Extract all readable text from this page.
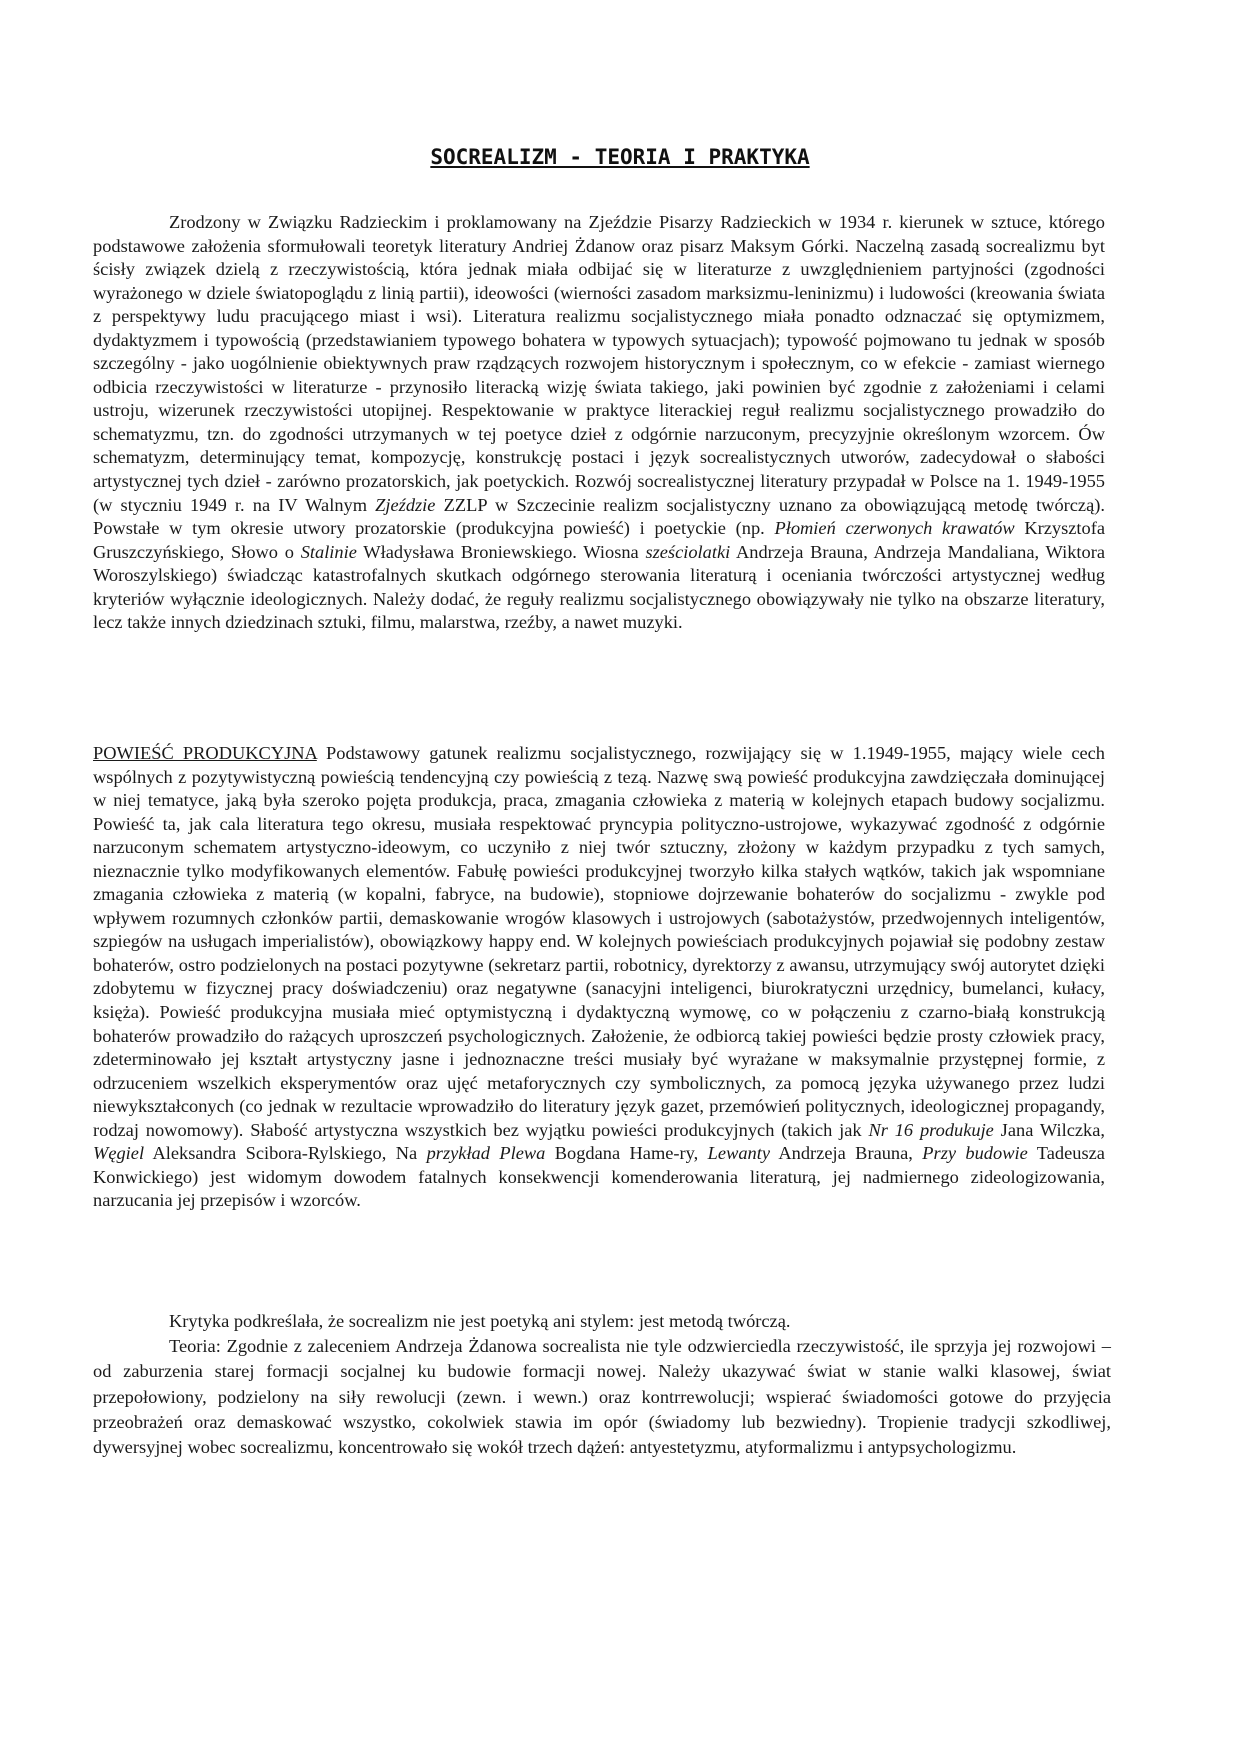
SOCREALIZM - TEORIA I PRAKTYKA

Zrodzony w Związku Radzieckim i proklamowany na Zjeździe Pisarzy Radzieckich w 1934 r. kierunek w sztuce, którego podstawowe założenia sformułowali teoretyk literatury Andriej Żdanow oraz pisarz Maksym Górki. Naczelną zasadą socrealizmu byt ścisły związek dzielą z rzeczywistością, która jednak miała odbijać się w literaturze z uwzględnieniem partyjności (zgodności wyrażonego w dziele światopoglądu z linią partii), ideowości (wierności zasadom marksizmu-leninizmu) i ludowości (kreowania świata z perspektywy ludu pracującego miast i wsi). Literatura realizmu socjalistycznego miała ponadto odznaczać się optymizmem, dydaktyzmem i typowością (przedstawianiem typowego bohatera w typowych sytuacjach); typowość pojmowano tu jednak w sposób szczególny - jako uogólnienie obiektywnych praw rządzących rozwojem historycznym i społecznym, co w efekcie - zamiast wiernego odbicia rzeczywistości w literaturze - przynosiło literacką wizję świata takiego, jaki powinien być zgodnie z założeniami i celami ustroju, wizerunek rzeczywistości utopijnej. Respektowanie w praktyce literackiej reguł realizmu socjalistycznego prowadziło do schematyzmu, tzn. do zgodności utrzymanych w tej poetyce dzieł z odgórnie narzuconym, precyzyjnie określonym wzorcem. Ów schematyzm, determinujący temat, kompozycję, konstrukcję postaci i język socrealistycznych utworów, zadecydował o słabości artystycznej tych dzieł - zarówno prozatorskich, jak poetyckich. Rozwój socrealistycznej literatury przypadał w Polsce na 1. 1949-1955 (w styczniu 1949 r. na IV Walnym Zjeździe ZZLP w Szczecinie realizm socjalistyczny uznano za obowiązującą metodę twórczą). Powstałe w tym okresie utwory prozatorskie (produkcyjna powieść) i poetyckie (np. Płomień czerwonych krawatów Krzysztofa Gruszczyńskiego, Słowo o Stalinie Władysława Broniewskiego. Wiosna sześciolatki Andrzeja Brauna, Andrzeja Mandaliana, Wiktora Woroszylskiego) świadcząc katastrofalnych skutkach odgórnego sterowania literaturą i oceniania twórczości artystycznej według kryteriów wyłącznie ideologicznych. Należy dodać, że reguły realizmu socjalistycznego obowiązywały nie tylko na obszarze literatury, lecz także innych dziedzinach sztuki, filmu, malarstwa, rzeźby, a nawet muzyki.

POWIEŚĆ PRODUKCYJNA Podstawowy gatunek realizmu socjalistycznego, rozwijający się w 1.1949-1955, mający wiele cech wspólnych z pozytywistyczną powieścią tendencyjną czy powieścią z tezą. Nazwę swą powieść produkcyjna zawdzięczała dominującej w niej tematyce, jaką była szeroko pojęta produkcja, praca, zmagania człowieka z materią w kolejnych etapach budowy socjalizmu. Powieść ta, jak cala literatura tego okresu, musiała respektować pryncypia polityczno-ustrojowe, wykazywać zgodność z odgórnie narzuconym schematem artystyczno-ideowym, co uczyniło z niej twór sztuczny, złożony w każdym przypadku z tych samych, nieznacznie tylko modyfikowanych elementów. Fabułę powieści produkcyjnej tworzyło kilka stałych wątków, takich jak wspomniane zmagania człowieka z materią (w kopalni, fabryce, na budowie), stopniowe dojrzewanie bohaterów do socjalizmu - zwykle pod wpływem rozumnych członków partii, demaskowanie wrogów klasowych i ustrojowych (sabotażystów, przedwojennych inteligentów, szpiegów na usługach imperialistów), obowiązkowy happy end. W kolejnych powieściach produkcyjnych pojawiał się podobny zestaw bohaterów, ostro podzielonych na postaci pozytywne (sekretarz partii, robotnicy, dyrektorzy z awansu, utrzymujący swój autorytet dzięki zdobytemu w fizycznej pracy doświadczeniu) oraz negatywne (sanacyjni inteligenci, biurokratyczni urzędnicy, bumelanci, kułacy, księża). Powieść produkcyjna musiała mieć optymistyczną i dydaktyczną wymowę, co w połączeniu z czarno-białą konstrukcją bohaterów prowadziło do rażących uproszczeń psychologicznych. Założenie, że odbiorcą takiej powieści będzie prosty człowiek pracy, zdeterminowało jej kształt artystyczny jasne i jednoznaczne treści musiały być wyrażane w maksymalnie przystępnej formie, z odrzuceniem wszelkich eksperymentów oraz ujęć metaforycznych czy symbolicznych, za pomocą języka używanego przez ludzi niewykształconych (co jednak w rezultacie wprowadziło do literatury język gazet, przemówień politycznych, ideologicznej propagandy, rodzaj nowomowy). Słabość artystyczna wszystkich bez wyjątku powieści produkcyjnych (takich jak Nr 16 produkuje Jana Wilczka, Węgiel Aleksandra Scibora-Rylskiego, Na przykład Plewa Bogdana Hame-ry, Lewanty Andrzeja Brauna, Przy budowie Tadeusza Konwickiego) jest widomym dowodem fatalnych konsekwencji komenderowania literaturą, jej nadmiernego zideologizowania, narzucania jej przepisów i wzorców.

Krytyka podkreślała, że socrealizm nie jest poetyką ani stylem: jest metodą twórczą.

Teoria: Zgodnie z zaleceniem Andrzeja Żdanowa socrealista nie tyle odzwierciedla rzeczywistość, ile sprzyja jej rozwojowi – od zaburzenia starej formacji socjalnej ku budowie formacji nowej. Należy ukazywać świat w stanie walki klasowej, świat przepołowiony, podzielony na siły rewolucji (zewn. i wewn.) oraz kontrrewolucji; wspierać świadomości gotowe do przyjęcia przeobrażeń oraz demaskować wszystko, cokolwiek stawia im opór (świadomy lub bezwiedny). Tropienie tradycji szkodliwej, dywersyjnej wobec socrealizmu, koncentrowało się wokół trzech dążeń: antyestetyzmu, atyformalizmu i antypsychologizmu.
